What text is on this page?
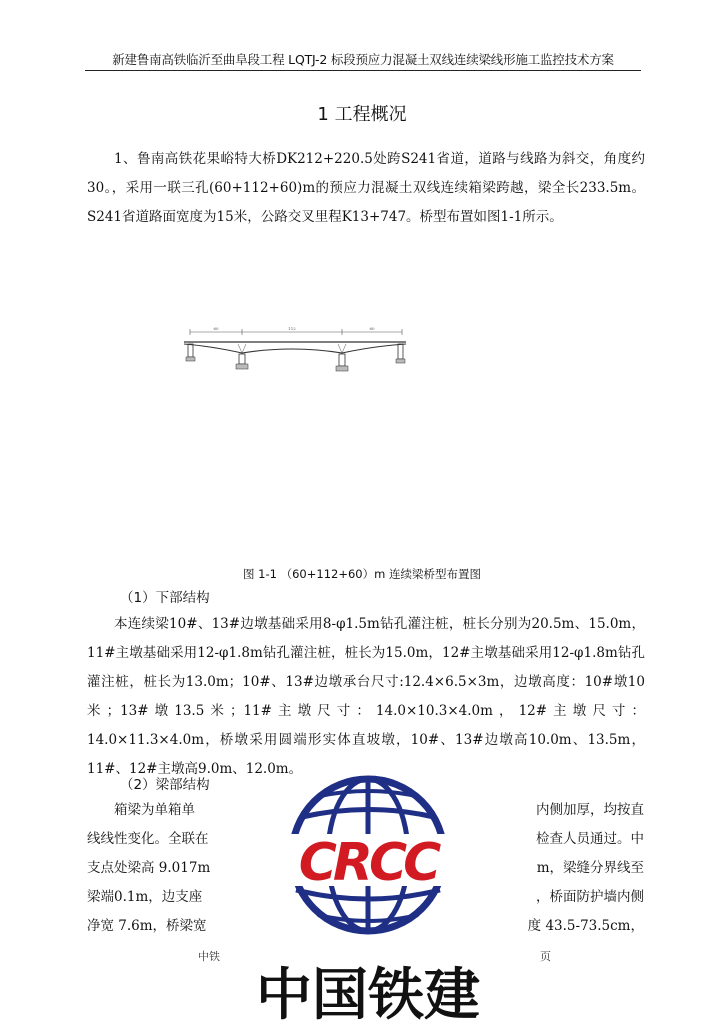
新建鲁南高铁临沂至曲阜段工程 LQTJ-2 标段预应力混凝土双线连续梁线形施工监控技术方案
1 工程概况

1、鲁南高铁花果峪特大桥DK212+220.5处跨S241省道，道路与线路为斜交，角度约30。，采用一联三孔(60+112+60)m的预应力混凝土双线连续箱梁跨越，梁全长233.5m。S241省道路面宽度为15米，公路交叉里程K13+747。桥型布置如图1-1所示。

60	112	60
图 1-1 （60+112+60）m 连续梁桥型布置图
（1）下部结构

本连续梁10#、13#边墩基础采用8-φ1.5m钻孔灌注桩，桩长分别为20.5m、15.0m，11#主墩基础采用12-φ1.8m钻孔灌注桩，桩长为15.0m，12#主墩基础采用12-φ1.8m钻孔灌注桩，桩长为13.0m；10#、13#边墩承台尺寸:12.4×6.5×3m，边墩高度：10#墩10米；13#墩13.5米；11#主墩尺寸：14.0×10.3×4.0m，12#主墩尺寸：14.0×11.3×4.0m，桥墩采用圆端形实体直坡墩，10#、13#边墩高10.0m、13.5m，11#、12#主墩高9.0m、12.0m。

（2）梁部结构
箱梁为单箱单	内侧加厚，均按直
线线性变化。全联在	检查人员通过。中
支点处梁高 9.017m	m，梁缝分界线至
梁端0.1m，边支座	，桥面防护墙内侧
净宽 7.6m，桥梁宽	度 43.5-73.5cm，
中铁	页
CRCC
中国铁建
